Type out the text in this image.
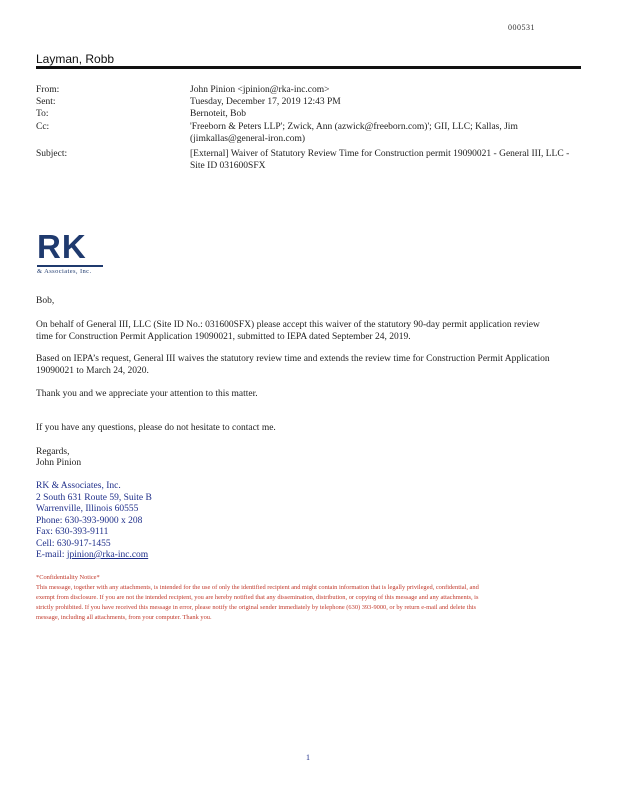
000531
Layman, Robb
From:	John Pinion <jpinion@rka-inc.com>
Sent:	Tuesday, December 17, 2019 12:43 PM
To:	Bernoteit, Bob
Cc:	'Freeborn & Peters LLP'; Zwick, Ann (azwick@freeborn.com)'; GII, LLC; Kallas, Jim (jimkallas@general-iron.com)
Subject:	[External] Waiver of Statutory Review Time for Construction permit 19090021 - General III, LLC - Site ID 031600SFX
RK
& Associates, Inc.
Bob,
On behalf of General III, LLC (Site ID No.: 031600SFX) please accept this waiver of the statutory 90-day permit application review time for Construction Permit Application 19090021, submitted to IEPA dated September 24, 2019.
Based on IEPA’s request, General III waives the statutory review time and extends the review time for Construction Permit Application 19090021 to March 24, 2020.
Thank you and we appreciate your attention to this matter.
If you have any questions, please do not hesitate to contact me.
Regards,
John Pinion
RK & Associates, Inc.
2 South 631 Route 59, Suite B
Warrenville, Illinois 60555
Phone: 630-393-9000 x 208
Fax: 630-393-9111
Cell: 630-917-1455
E-mail: jpinion@rka-inc.com
*Confidentiality Notice*
This message, together with any attachments, is intended for the use of only the identified recipient and might contain information that is legally privileged, confidential, and exempt from disclosure. If you are not the intended recipient, you are hereby notified that any dissemination, distribution, or copying of this message and any attachments, is strictly prohibited. If you have received this message in error, please notify the original sender immediately by telephone (630) 393-9000, or by return e-mail and delete this message, including all attachments, from your computer. Thank you.
1
